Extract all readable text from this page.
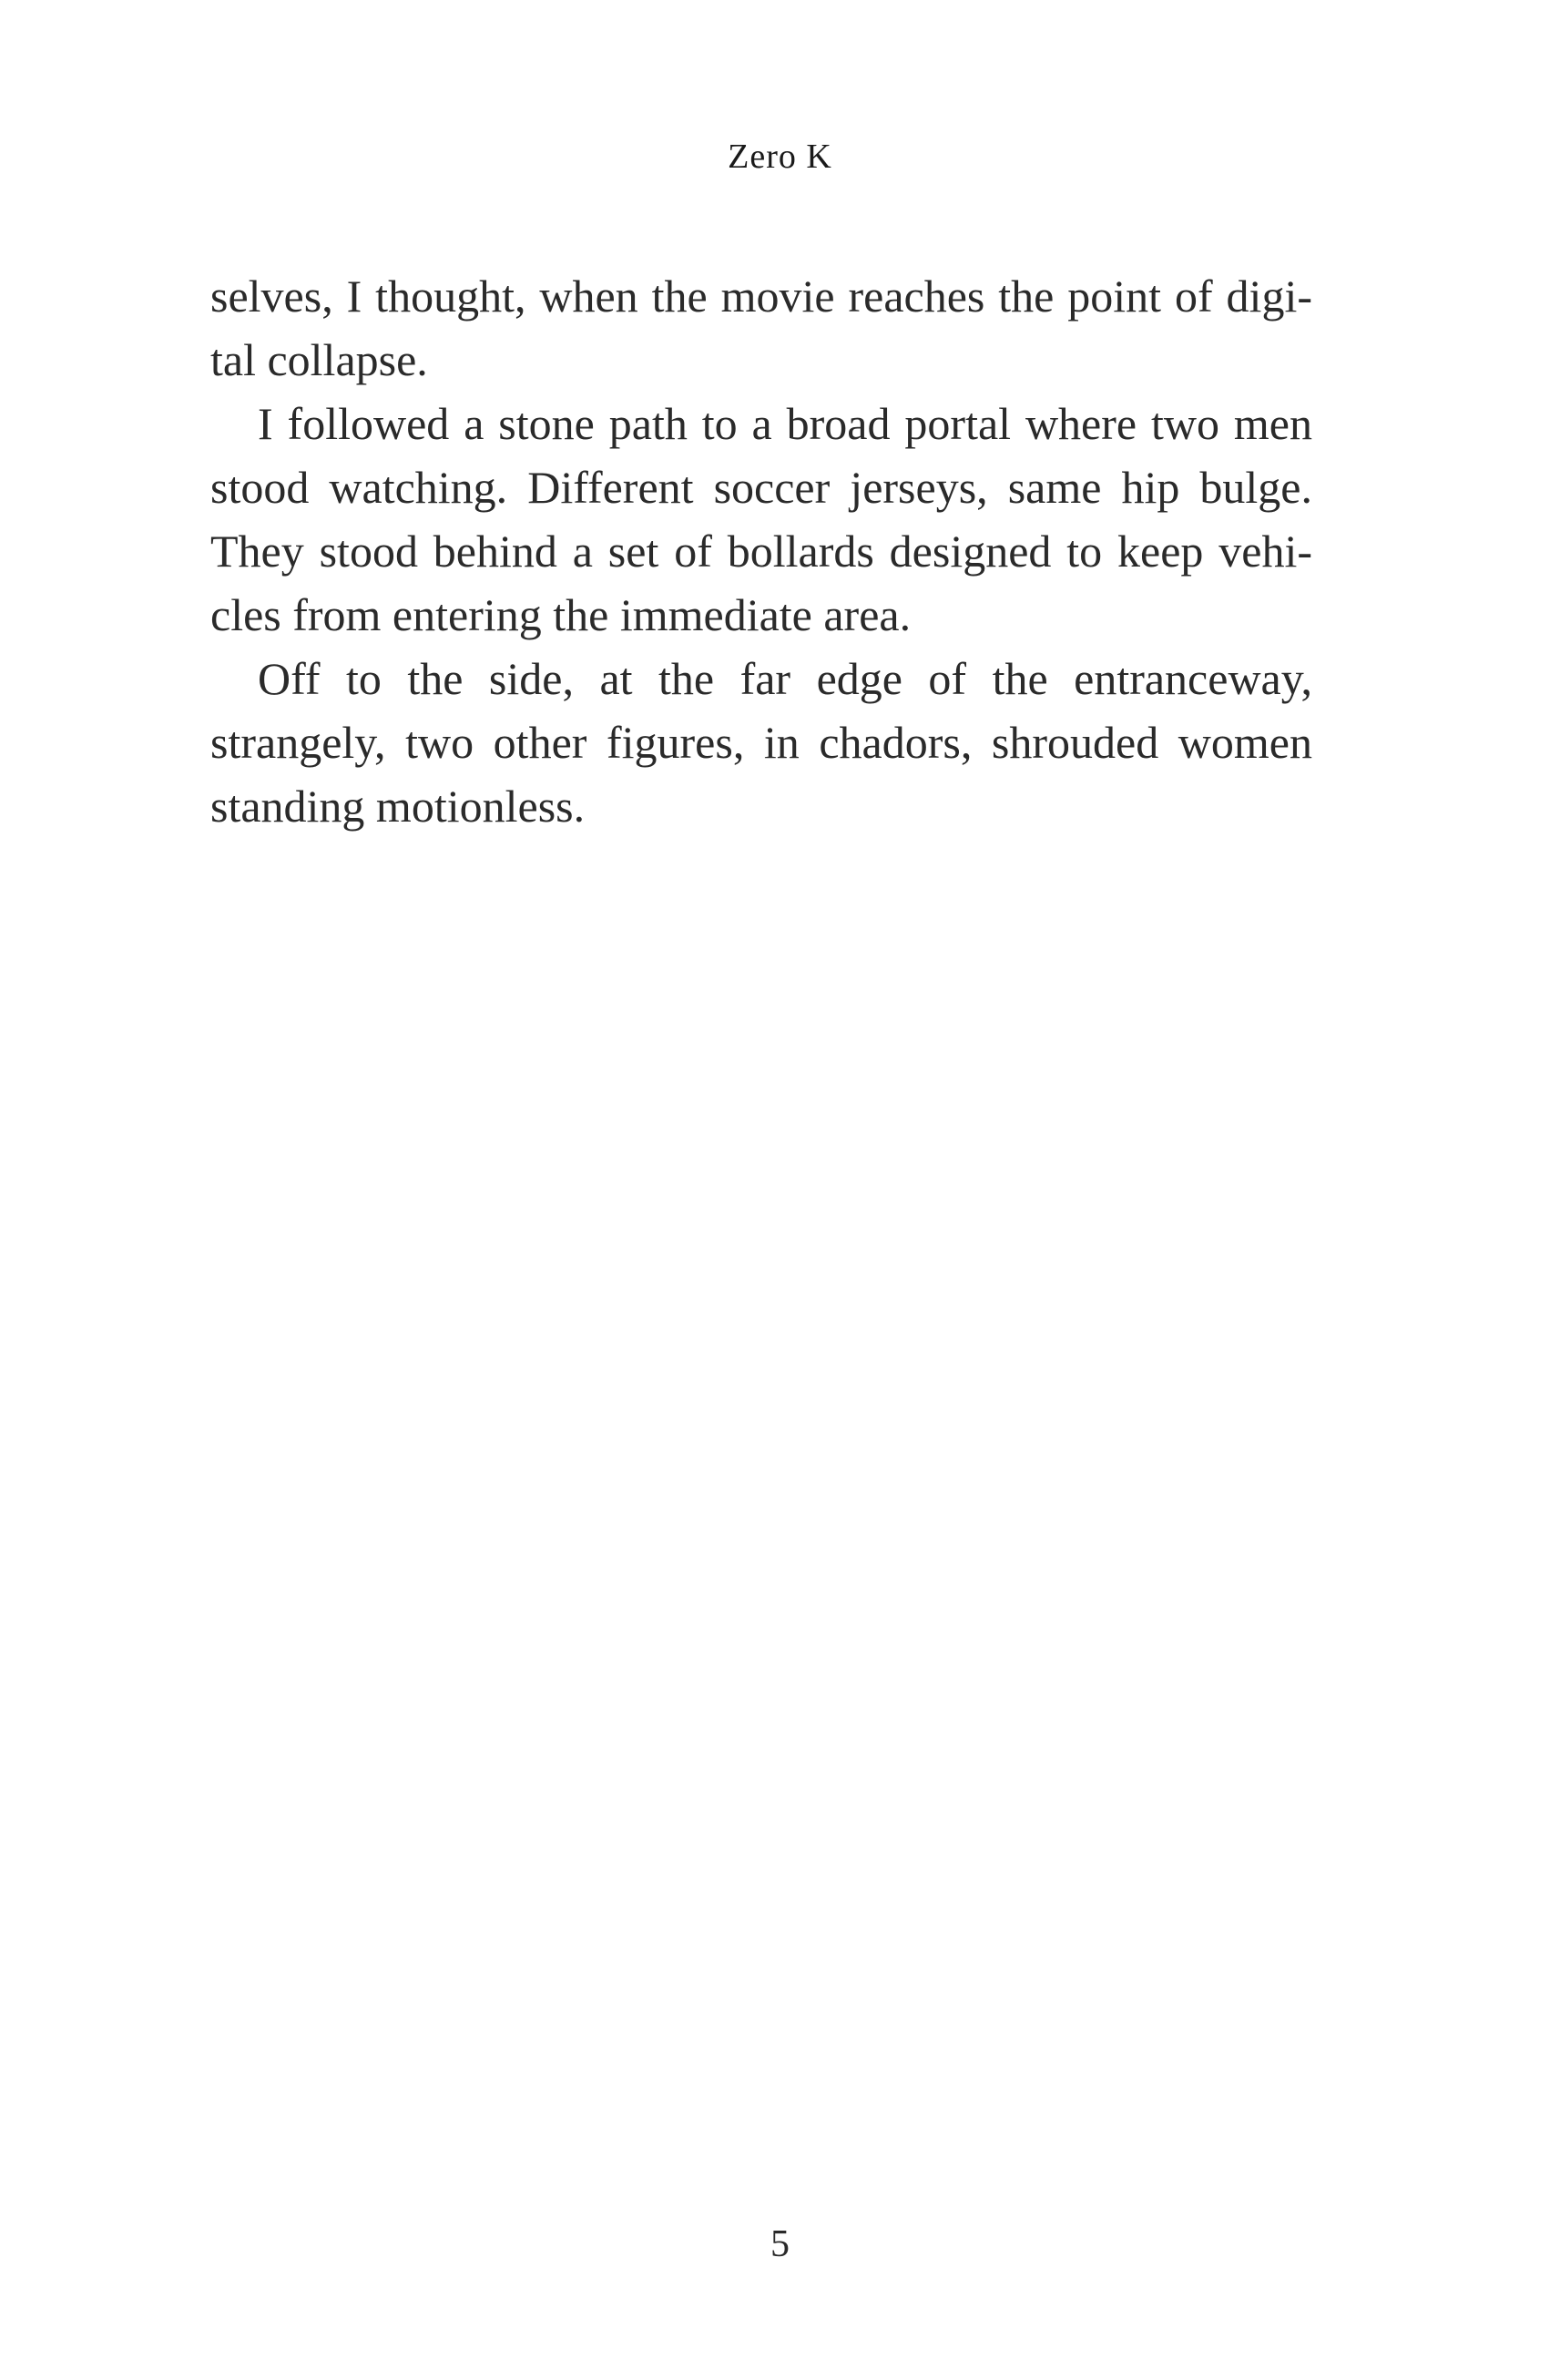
Zero K

selves, I thought, when the movie reaches the point of digital collapse.

I followed a stone path to a broad portal where two men stood watching. Different soccer jerseys, same hip bulge. They stood behind a set of bollards designed to keep vehicles from entering the immediate area.

Off to the side, at the far edge of the entranceway, strangely, two other figures, in chadors, shrouded women standing motionless.

5
